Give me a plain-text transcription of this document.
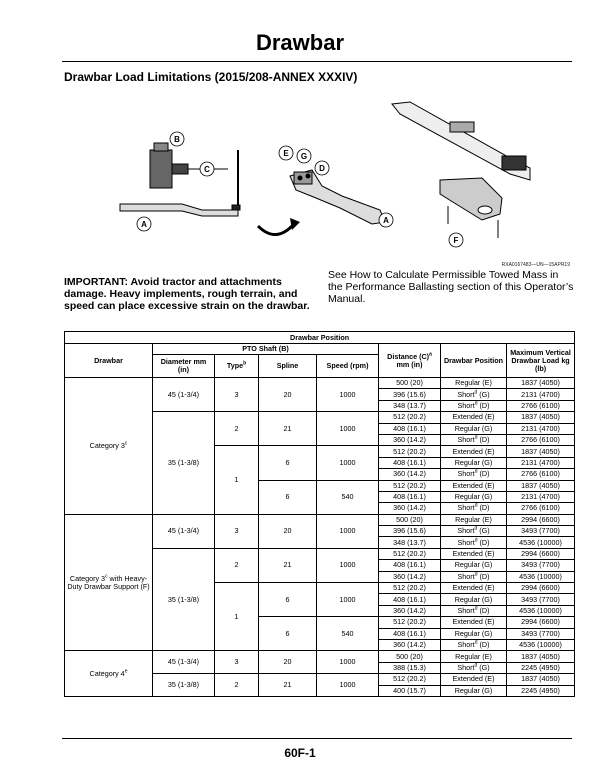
Drawbar
Drawbar Load Limitations (2015/208-ANNEX XXXIV)
B
C
A
E G
D
A
F
RXA0167483—UN—15APR19
IMPORTANT: Avoid tractor and attachments damage. Heavy implements, rough terrain, and speed can place excessive strain on the drawbar.
See How to Calculate Permissible Towed Mass in the Performance Ballasting section of this Operator’s Manual.
Drawbar Position							
Drawbar	PTO Shaft (B)				Distance $(C)^a$ mm (in)	Drawbar Position	Maximum Vertical Drawbar Load kg (lb)
	Diameter mm (in)	Type$^b$	Spline	Speed (rpm)			
Category 3$^c$	45 (1-3/4)	3	20	1000	500 (20)	Regular (E)	1837 (4050)
					396 (15.6)	Short$^d$ (G)	2131 (4700)
					348 (13.7)	Short$^d$ (D)	2766 (6100)
	35 (1-3/8)	2	21	1000	512 (20.2)	Extended (E)	1837 (4050)
					408 (16.1)	Regular (G)	2131 (4700)
					360 (14.2)	Short$^d$ (D)	2766 (6100)
		1	6	1000	512 (20.2)	Extended (E)	1837 (4050)
					408 (16.1)	Regular (G)	2131 (4700)
					360 (14.2)	Short$^d$ (D)	2766 (6100)
			6	540	512 (20.2)	Extended (E)	1837 (4050)
					408 (16.1)	Regular (G)	2131 (4700)
					360 (14.2)	Short$^d$ (D)	2766 (6100)
Category 3$^c$ with Heavy-Duty Drawbar Support (F)	45 (1-3/4)	3	20	1000	500 (20)	Regular (E)	2994 (6600)
					396 (15.6)	Short$^d$ (G)	3493 (7700)
					348 (13.7)	Short$^d$ (D)	4536 (10000)
	35 (1-3/8)	2	21	1000	512 (20.2)	Extended (E)	2994 (6600)
					408 (16.1)	Regular (G)	3493 (7700)
					360 (14.2)	Short$^d$ (D)	4536 (10000)
		1	6	1000	512 (20.2)	Extended (E)	2994 (6600)
					408 (16.1)	Regular (G)	3493 (7700)
					360 (14.2)	Short$^d$ (D)	4536 (10000)
			6	540	512 (20.2)	Extended (E)	2994 (6600)
					408 (16.1)	Regular (G)	3493 (7700)
					360 (14.2)	Short$^d$ (D)	4536 (10000)
Category 4e	45 (1-3/4)	3	20	1000	500 (20)	Regular (E)	1837 (4050)
					388 (15.3)	Short$^d$ (G)	2245 (4950)
	35 (1-3/8)	2	21	1000	512 (20.2)	Extended (E)	1837 (4050)
					400 (15.7)	Regular (G)	2245 (4950)
60F-1
